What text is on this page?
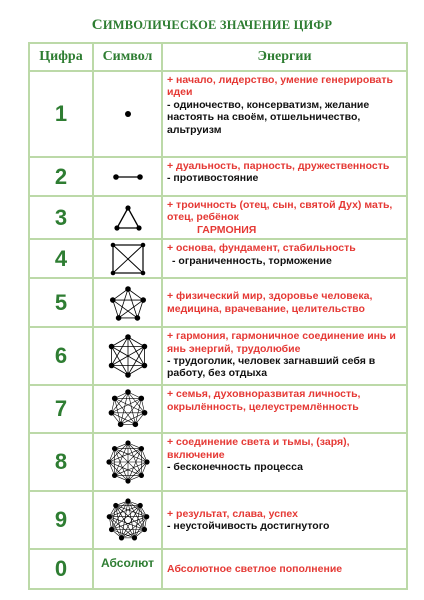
СИМВОЛИЧЕСКОЕ ЗНАЧЕНИЕ ЦИФР
Цифра	Символ	Энергии
1		+ начало, лидерство, умение генерировать идеи
- одиночество, консерватизм, желание настоять на своём, отшельничество, альтруизм

2		+ дуальность, парность, дружественность
- противостояние

3		+ троичность (отец, сын, святой Дух) мать, отец, ребёнок
ГАРМОНИЯ

4		+ основа, фундамент, стабильность
- ограниченность, торможение

5		+ физический мир, здоровье человека, медицина, врачевание, целительство

6		+ гармония, гармоничное соединение инь и янь энергий, трудолюбие
- трудоголик, человек загнавший себя в работу, без отдыха

7		+ семья, духовноразвитая личность, окрылённость, целеустремлённость

8		+ соединение света и тьмы, (заря), включение
- бесконечность процесса

9		+ результат, слава, успех
- неустойчивость достигнутого

0	Абсолют	Абсолютное светлое пополнение
